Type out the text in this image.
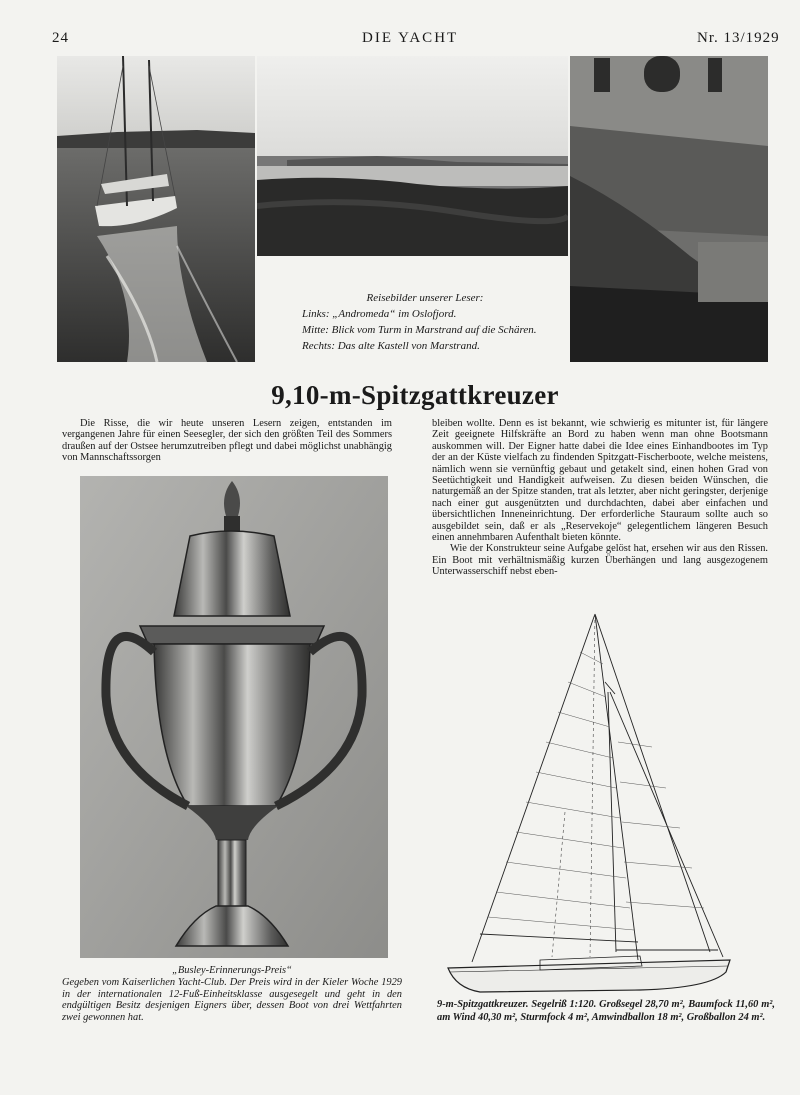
24	DIE YACHT	Nr. 13/1929
Reisebilder unserer Leser:
Links: „Andromeda“ im Oslofjord.
Mitte: Blick vom Turm in Marstrand auf die Schären.
Rechts: Das alte Kastell von Marstrand.
9,10-m-Spitzgattkreuzer

Die Risse, die wir heute unseren Lesern zeigen, entstanden im vergangenen Jahre für einen Seesegler, der sich den größten Teil des Sommers draußen auf der Ostsee herumzutreiben pflegt und dabei möglichst unabhängig von Mannschaftssorgen

„Busley-Erinnerungs-Preis“
Gegeben vom Kaiserlichen Yacht-Club. Der Preis wird in der Kieler Woche 1929 in der internationalen 12-Fuß-Einheitsklasse ausgesegelt und geht in den endgültigen Besitz desjenigen Eigners über, dessen Boot von drei Wettfahrten zwei gewonnen hat.

bleiben wollte. Denn es ist bekannt, wie schwierig es mitunter ist, für längere Zeit geeignete Hilfskräfte an Bord zu haben wenn man ohne Bootsmann auskommen will. Der Eigner hatte dabei die Idee eines Einhandbootes im Typ der an der Küste vielfach zu findenden Spitzgatt-Fischerboote, welche meistens, nämlich wenn sie vernünftig gebaut und getakelt sind, einen hohen Grad von Seetüchtigkeit und Handigkeit aufweisen. Zu diesen beiden Wünschen, die naturgemäß an der Spitze standen, trat als letzter, aber nicht geringster, derjenige nach einer gut ausgenützten und durchdachten, dabei aber einfachen und übersichtlichen Inneneinrichtung. Der erforderliche Stauraum sollte auch so ausgebildet sein, daß er als „Reservekoje“ gelegentlichem längeren Besuch einen annehmbaren Aufenthalt bieten könnte.

Wie der Konstrukteur seine Aufgabe gelöst hat, ersehen wir aus den Rissen. Ein Boot mit verhältnismäßig kurzen Überhängen und lang ausgezogenem Unterwasserschiff nebst eben-

9-m-Spitzgattkreuzer. Segelriß 1:120. Großsegel 28,70 m², Baumfock 11,60 m², am Wind 40,30 m², Sturmfock 4 m², Amwindballon 18 m², Großballon 24 m².
